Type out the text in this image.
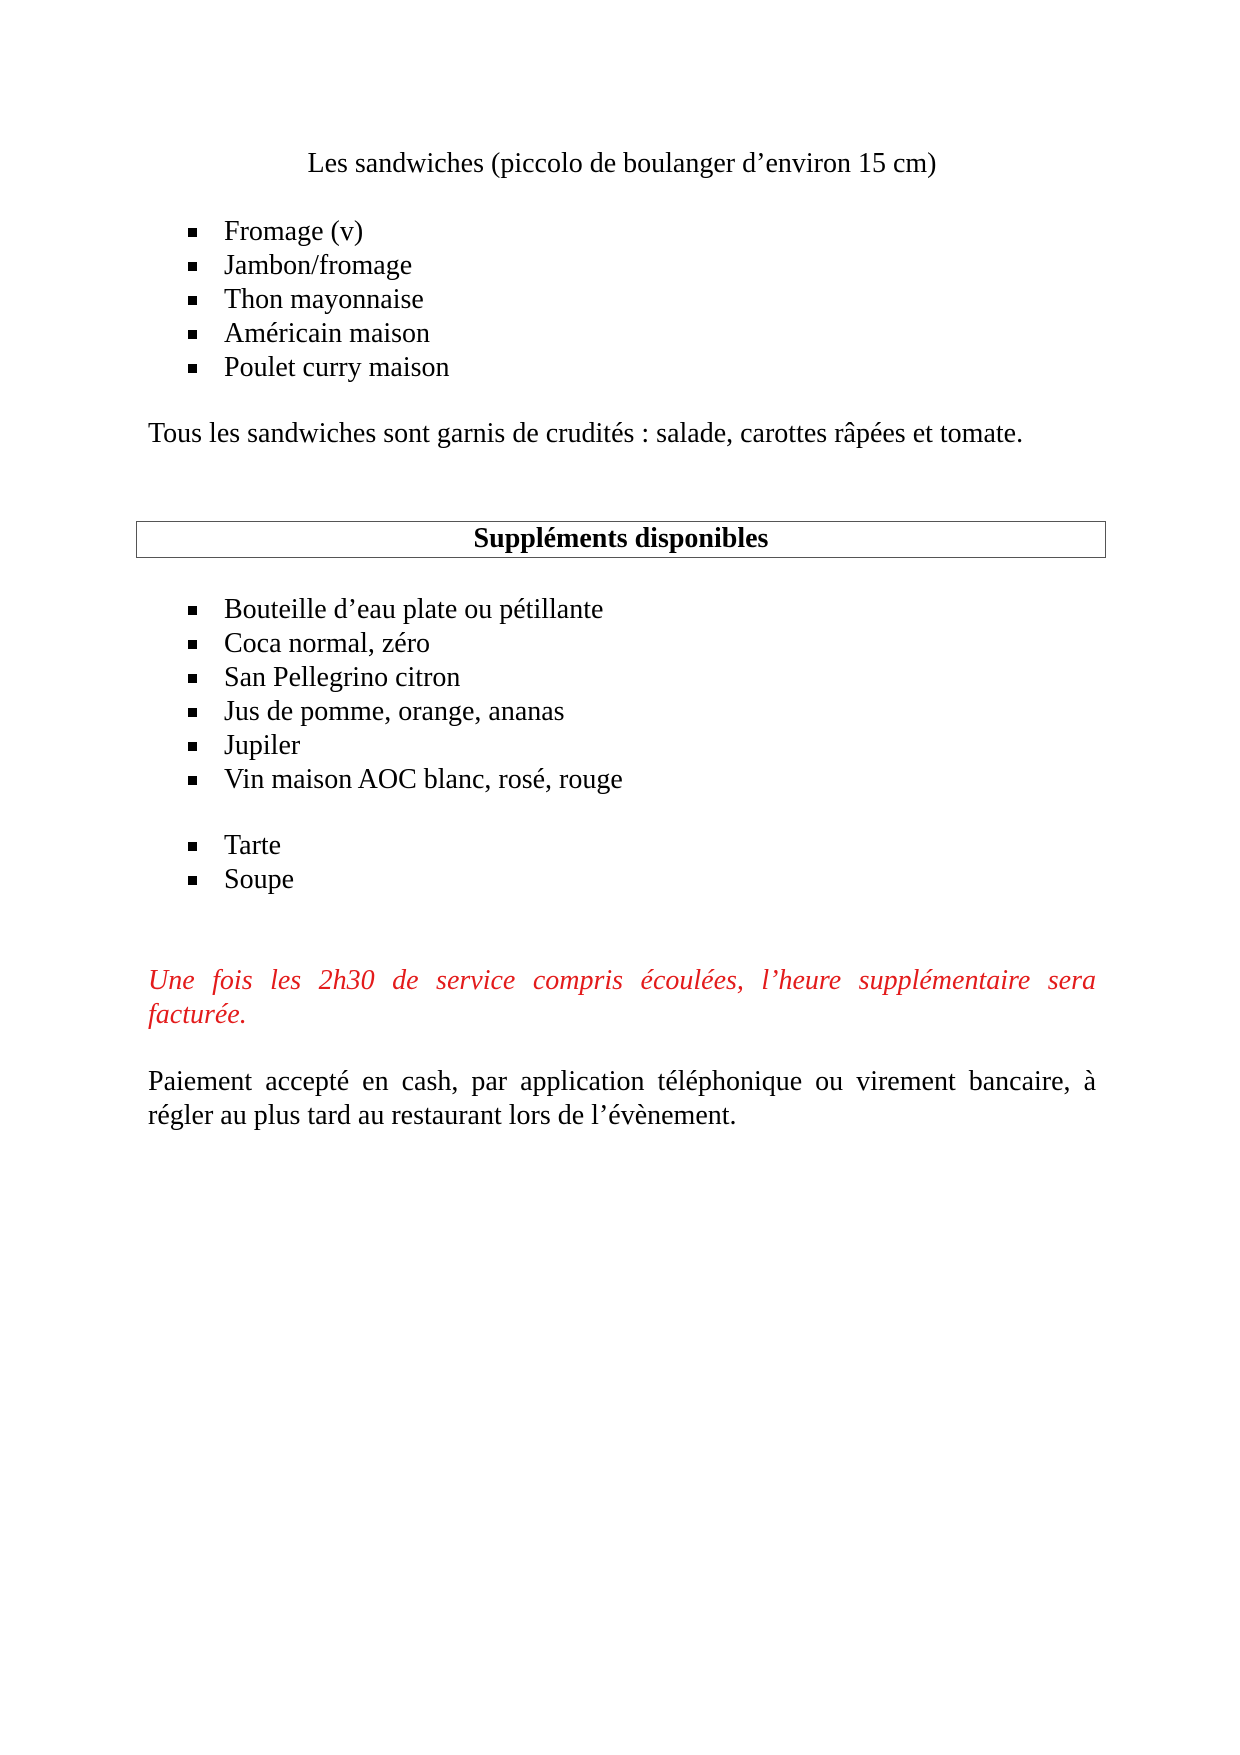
Les sandwiches (piccolo de boulanger d’environ 15 cm)
Fromage (v)
Jambon/fromage
Thon mayonnaise
Américain maison
Poulet curry maison
Tous les sandwiches sont garnis de crudités : salade, carottes râpées et tomate.
Suppléments disponibles
Bouteille d’eau plate ou pétillante
Coca normal, zéro
San Pellegrino citron
Jus de pomme, orange, ananas
Jupiler
Vin maison AOC blanc, rosé, rouge
Tarte
Soupe
Une fois les 2h30 de service compris écoulées, l’heure supplémentaire sera facturée.
Paiement accepté en cash, par application téléphonique ou virement bancaire, à régler au plus tard au restaurant lors de l’évènement.
